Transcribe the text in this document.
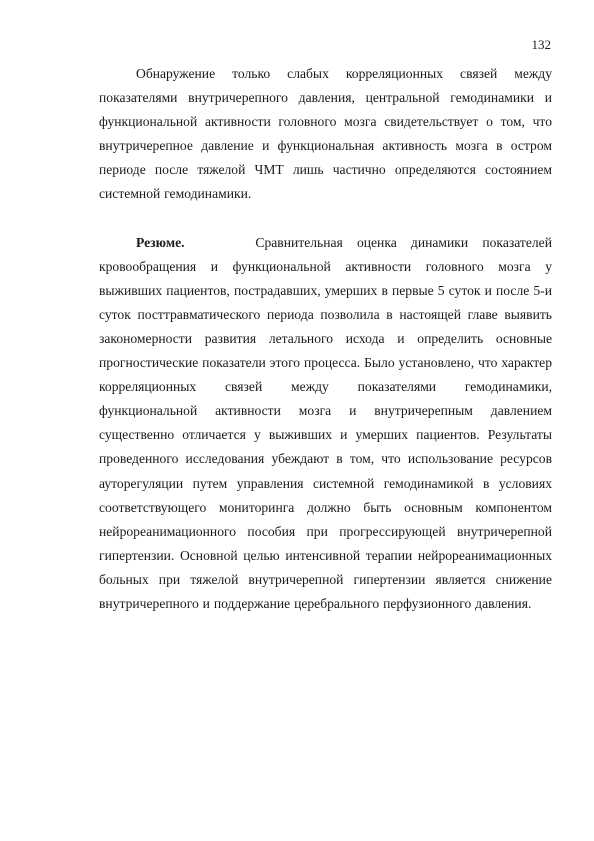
132

Обнаружение только слабых корреляционных связей между показателями внутричерепного давления, центральной гемодинамики и функциональной активности головного мозга свидетельствует о том, что внутричерепное давление и функциональная активность мозга в остром периоде после тяжелой ЧМТ лишь частично определяются состоянием системной гемодинамики.

Резюме.	Сравнительная оценка динамики показателей кровообращения и функциональной активности головного мозга у выживших пациентов, пострадавших, умерших в первые 5 суток и после 5-и суток посттравматического периода позволила в настоящей главе выявить закономерности развития летального исхода и определить основные прогностические показатели этого процесса. Было установлено, что характер корреляционных связей между показателями гемодинамики, функциональной активности мозга и внутричерепным давлением существенно отличается у выживших и умерших пациентов. Результаты проведенного исследования убеждают в том, что использование ресурсов ауторегуляции путем управления системной гемодинамикой в условиях соответствующего мониторинга должно быть основным компонентом нейрореанимационного пособия при прогрессирующей внутричерепной гипертензии. Основной целью интенсивной терапии нейрореанимационных больных при тяжелой внутричерепной гипертензии является снижение внутричерепного и поддержание церебрального перфузионного давления.
